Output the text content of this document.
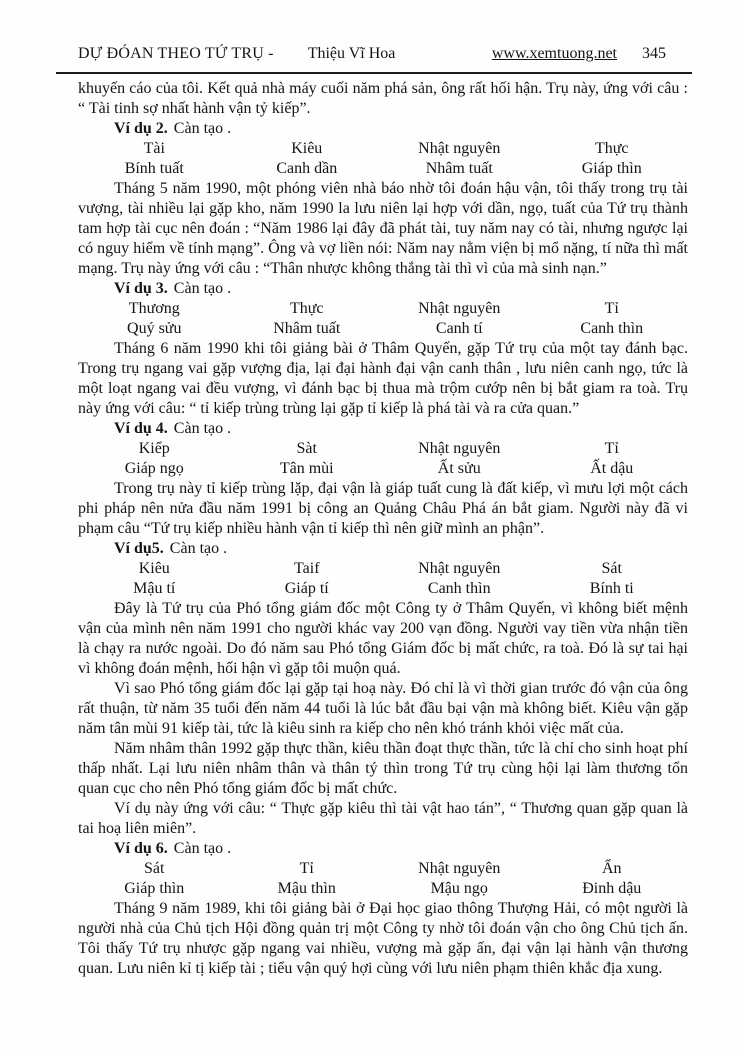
DỰ ĐÓAN THEO TỨ TRỤ - Thiệu Vĩ Hoa	www.xemtuong.net 345

khuyến cáo của tôi. Kết quả nhà máy cuối năm phá sản, ông rất hối hận. Trụ này, ứng với câu : “ Tài tinh sợ nhất hành vận tỷ kiếp”.

Ví dụ 2. Càn tạo .
Tài	Kiêu	Nhật nguyên	Thực
Bính tuất	Canh dần	Nhâm tuất	Giáp thìn

Tháng 5 năm 1990, một phóng viên nhà báo nhờ tôi đoán hậu vận, tôi thấy trong trụ tài vượng, tài nhiều lại gặp kho, năm 1990 la lưu niên lại hợp với dần, ngọ, tuất của Tứ trụ thành tam hợp tài cục nên đoán : “Năm 1986 lại đây đã phát tài, tuy năm nay có tài, nhưng ngược lại có nguy hiểm về tính mạng”. Ông và vợ liền nói: Năm nay nằm viện bị mổ nặng, tí nữa thì mất mạng. Trụ này ứng với câu : “Thân nhược không thắng tài thì vì của mà sinh nạn.”

Ví dụ 3. Càn tạo .
Thương	Thực	Nhật nguyên	Tỉ
Quý sửu	Nhâm tuất	Canh tí	Canh thìn

Tháng 6 năm 1990 khi tôi giảng bài ở Thâm Quyến, gặp Tứ trụ của một tay đánh bạc. Trong trụ ngang vai gặp vượng địa, lại đại hành đại vận canh thân , lưu niên canh ngọ, tức là một loạt ngang vai đều vượng, vì đánh bạc bị thua mà trộm cướp nên bị bắt giam ra toà. Trụ này ứng với câu: “ tỉ kiếp trùng trùng lại gặp tỉ kiếp là phá tài và ra cửa quan.”

Ví dụ 4. Càn tạo .
Kiểp	Sàt	Nhật nguyên	Tỉ
Giáp ngọ	Tân mùi	Ất sửu	Ất dậu

Trong trụ này tỉ kiếp trùng lặp, đại vận là giáp tuất cung là đất kiếp, vì mưu lợi một cách phi pháp nên nửa đầu năm 1991 bị công an Quảng Châu Phá án bắt giam. Người này đã vi phạm câu “Tứ trụ kiếp nhiều hành vận tỉ kiếp thì nên giữ mình an phận”.

Ví dụ5. Càn tạo .
Kiêu	Taif	Nhật nguyên	Sát
Mậu tí	Giáp tí	Canh thìn	Bính ti

Đây là Tứ trụ của Phó tổng giám đốc một Công ty ở Thâm Quyến, vì không biết mệnh vận của mình nên năm 1991 cho người khác vay 200 vạn đồng. Người vay tiền vừa nhận tiền là chạy ra nước ngoài. Do đó năm sau Phó tổng Giám đốc bị mất chức, ra toà. Đó là sự tai hại vì không đoán mệnh, hối hận vì gặp tôi muộn quá.

Vì sao Phó tổng giám đốc lại gặp tại hoạ này. Đó chỉ là vì thời gian trước đó vận của ông rất thuận, từ năm 35 tuổi đến năm 44 tuổi là lúc bắt đầu bại vận mà không biết. Kiêu vận gặp năm tân mùi 91 kiếp tài, tức là kiêu sinh ra kiếp cho nên khó tránh khỏi việc mất của.

Năm nhâm thân 1992 gặp thực thần, kiêu thần đoạt thực thần, tức là chỉ cho sinh hoạt phí thấp nhất. Lại lưu niên nhâm thân và thân tý thìn trong Tứ trụ cùng hội lại làm thương tổn quan cục cho nên Phó tổng giám đốc bị mất chức.

Ví dụ này ứng với câu: “ Thực gặp kiêu thì tài vật hao tán”, “ Thương quan gặp quan là tai hoạ liên miên”.

Ví dụ 6. Càn tạo .
Sát	Tỉ	Nhật nguyên	Ẩn
Giáp thìn	Mậu thìn	Mậu ngọ	Đinh dậu

Tháng 9 năm 1989, khi tôi giảng bài ở Đại học giao thông Thượng Hải, có một người là người nhà của Chủ tịch Hội đồng quản trị một Công ty nhờ tôi đoán vận cho ông Chủ tịch ấn. Tôi thấy Tứ trụ nhược gặp ngang vai nhiều, vượng mà gặp ấn, đại vận lại hành vận thương quan. Lưu niên kỉ tị kiếp tài ; tiểu vận quý hợi cùng với lưu niên phạm thiên khắc địa xung.
